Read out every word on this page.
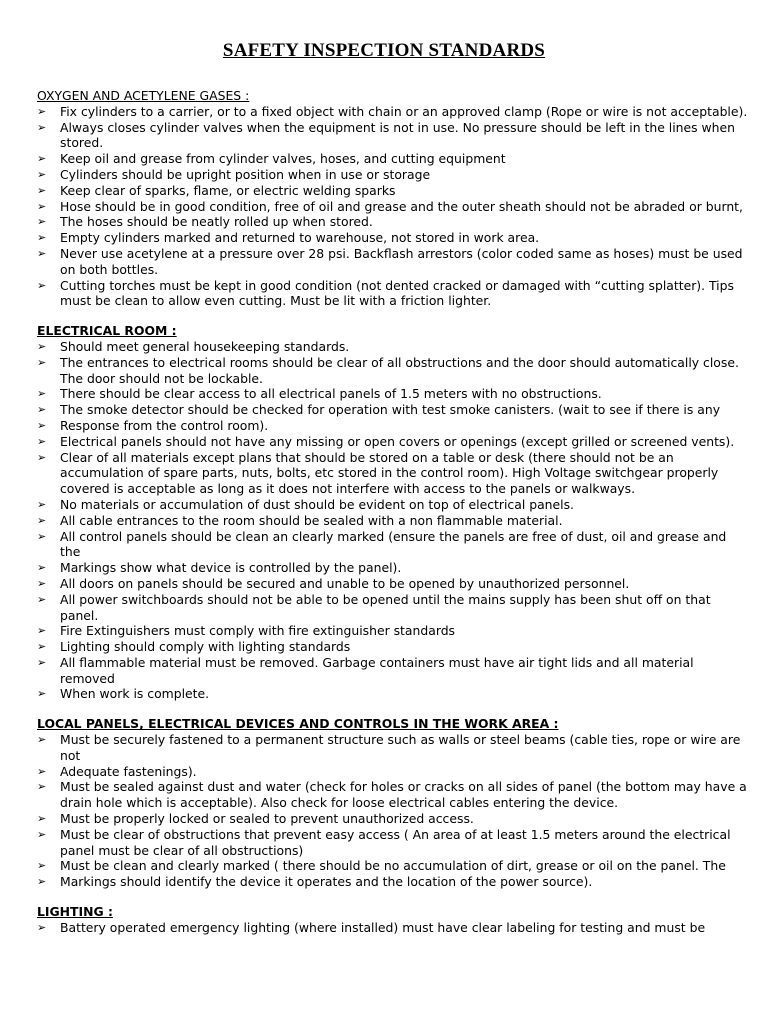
SAFETY INSPECTION STANDARDS
OXYGEN AND ACETYLENE GASES :
➢ Fix cylinders to a carrier, or to a fixed object with chain or an approved clamp (Rope or wire is not acceptable).
➢ Always closes cylinder valves when the equipment is not in use. No pressure should be left in the lines when stored.
➢ Keep oil and grease from cylinder valves, hoses, and cutting equipment
➢ Cylinders should be upright position when in use or storage
➢ Keep clear of sparks, flame, or electric welding sparks
➢ Hose should be in good condition, free of oil and grease and the outer sheath should not be abraded or burnt,
➢ The hoses should be neatly rolled up when stored.
➢ Empty cylinders marked and returned to warehouse, not stored in work area.
➢ Never use acetylene at a pressure over 28 psi. Backflash arrestors (color coded same as hoses) must be used on both bottles.
➢ Cutting torches must be kept in good condition (not dented cracked or damaged with “cutting splatter). Tips must be clean to allow even cutting. Must be lit with a friction lighter.
ELECTRICAL ROOM :
➢ Should meet general housekeeping standards.
➢ The entrances to electrical rooms should be clear of all obstructions and the door should automatically close. The door should not be lockable.
➢ There should be clear access to all electrical panels of 1.5 meters with no obstructions.
➢ The smoke detector should be checked for operation with test smoke canisters. (wait to see if there is any
➢ Response from the control room).
➢ Electrical panels should not have any missing or open covers or openings (except grilled or screened vents).
➢ Clear of all materials except plans that should be stored on a table or desk (there should not be an accumulation of spare parts, nuts, bolts, etc stored in the control room). High Voltage switchgear properly covered is acceptable as long as it does not interfere with access to the panels or walkways.
➢ No materials or accumulation of dust should be evident on top of electrical panels.
➢ All cable entrances to the room should be sealed with a non flammable material.
➢ All control panels should be clean an clearly marked (ensure the panels are free of dust, oil and grease and the
➢ Markings show what device is controlled by the panel).
➢ All doors on panels should be secured and unable to be opened by unauthorized personnel.
➢ All power switchboards should not be able to be opened until the mains supply has been shut off on that panel.
➢ Fire Extinguishers must comply with fire extinguisher standards
➢ Lighting should comply with lighting standards
➢ All flammable material must be removed. Garbage containers must have air tight lids and all material removed
➢ When work is complete.
LOCAL PANELS, ELECTRICAL DEVICES AND CONTROLS IN THE WORK AREA :
➢ Must be securely fastened to a permanent structure such as walls or steel beams (cable ties, rope or wire are not
➢ Adequate fastenings).
➢ Must be sealed against dust and water (check for holes or cracks on all sides of panel (the bottom may have a drain hole which is acceptable). Also check for loose electrical cables entering the device.
➢ Must be properly locked or sealed to prevent unauthorized access.
➢ Must be clear of obstructions that prevent easy access ( An area of at least 1.5 meters around the electrical panel must be clear of all obstructions)
➢ Must be clean and clearly marked ( there should be no accumulation of dirt, grease or oil on the panel. The
➢ Markings should identify the device it operates and the location of the power source).
LIGHTING :
➢ Battery operated emergency lighting (where installed) must have clear labeling for testing and must be
